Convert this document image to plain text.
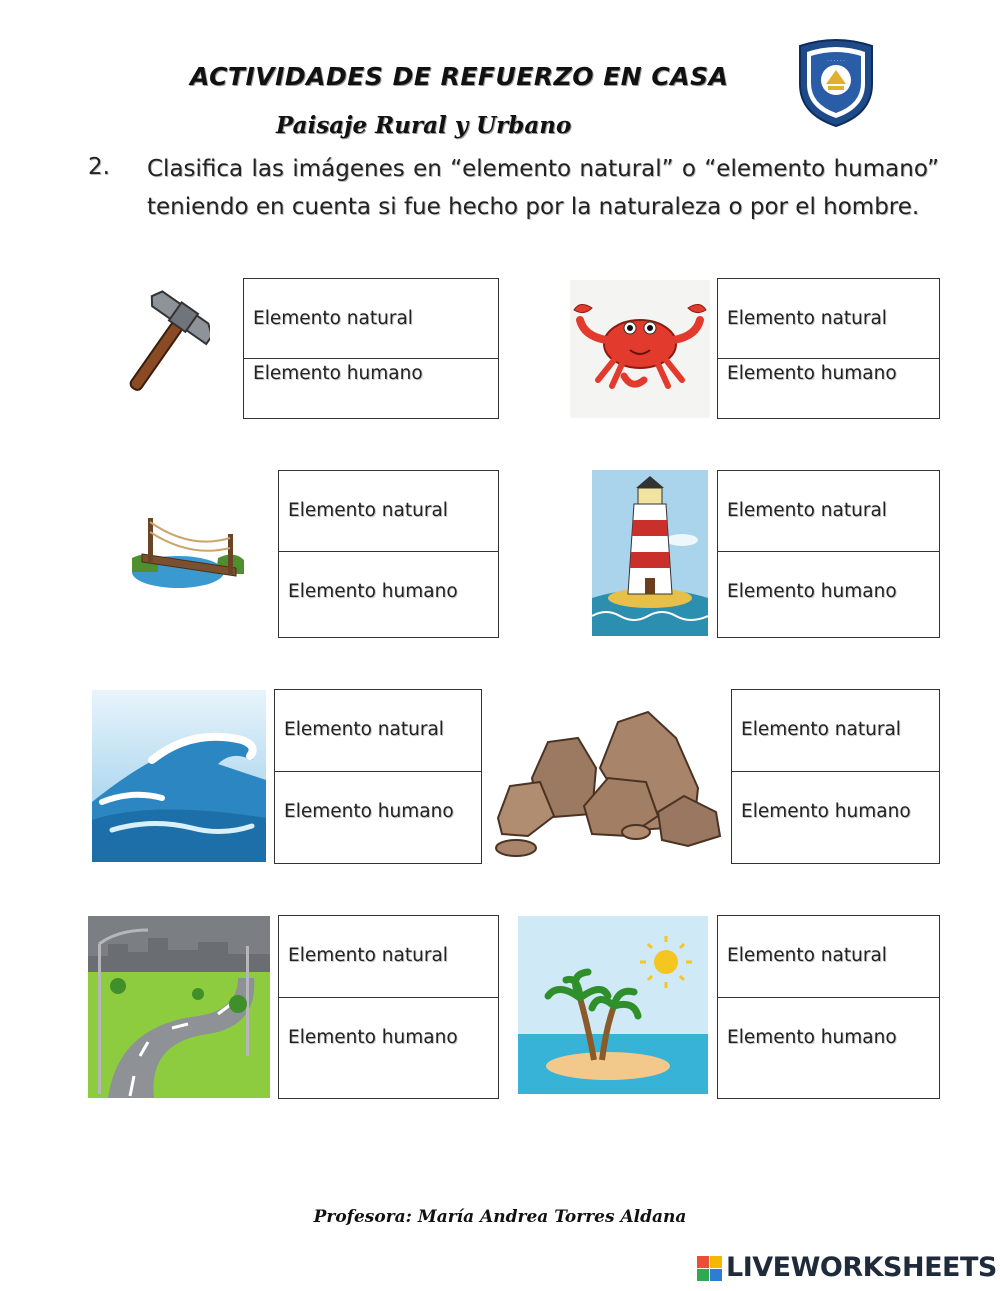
ACTIVIDADES DE REFUERZO EN CASA
Paisaje Rural y Urbano
· · · · · ·
2. Clasifica las imágenes en “elemento natural” o “elemento humano” teniendo en cuenta si fue hecho por la naturaleza o por el hombre.
Elemento natural
Elemento humano
Elemento natural
Elemento humano
Elemento natural
Elemento humano
Elemento natural
Elemento humano
Elemento natural
Elemento humano
Elemento natural
Elemento humano
Elemento natural
Elemento humano
Elemento natural
Elemento humano
Profesora: María Andrea Torres Aldana
LIVEWORKSHEETS
